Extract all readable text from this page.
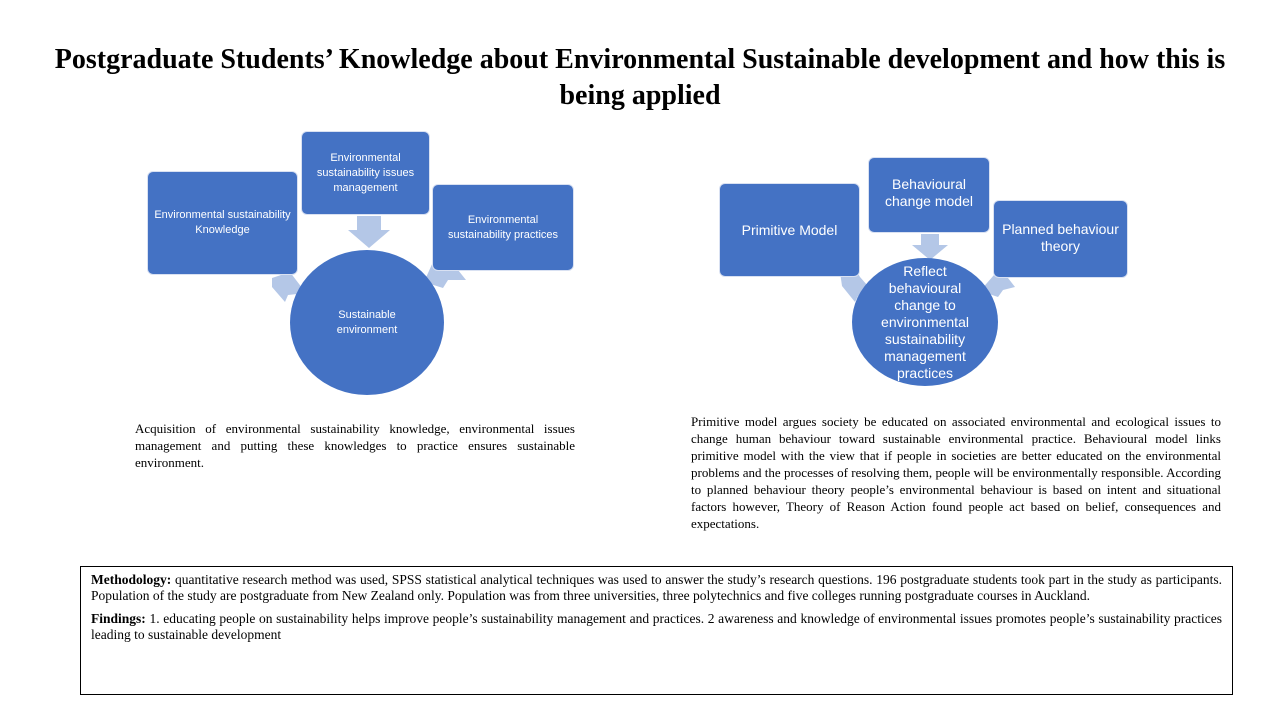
Postgraduate Students’ Knowledge about Environmental Sustainable development and how this is being applied
Sustainable environment
Environmental sustainability Knowledge
Environmental sustainability issues management
Environmental sustainability practices
Reflect behavioural change to environmental sustainability management practices
Primitive Model
Behavioural change model
Planned behaviour theory
Acquisition of environmental sustainability knowledge, environmental issues management and putting these knowledges to practice ensures sustainable environment.
Primitive model argues society be educated on associated environmental and ecological issues to change human behaviour toward sustainable environmental practice. Behavioural model links primitive model with the view that if people in societies are better educated on the environmental problems and the processes of resolving them, people will be environmentally responsible. According to planned behaviour theory people’s environmental behaviour is based on intent and situational factors however, Theory of Reason Action found people act based on belief, consequences and expectations.

Methodology: quantitative research method was used, SPSS statistical analytical techniques was used to answer the study’s research questions. 196 postgraduate students took part in the study as participants. Population of the study are postgraduate from New Zealand only. Population was from three universities, three polytechnics and five colleges running postgraduate courses in Auckland.

Findings: 1. educating people on sustainability helps improve people’s sustainability management and practices. 2 awareness and knowledge of environmental issues promotes people’s sustainability practices leading to sustainable development
